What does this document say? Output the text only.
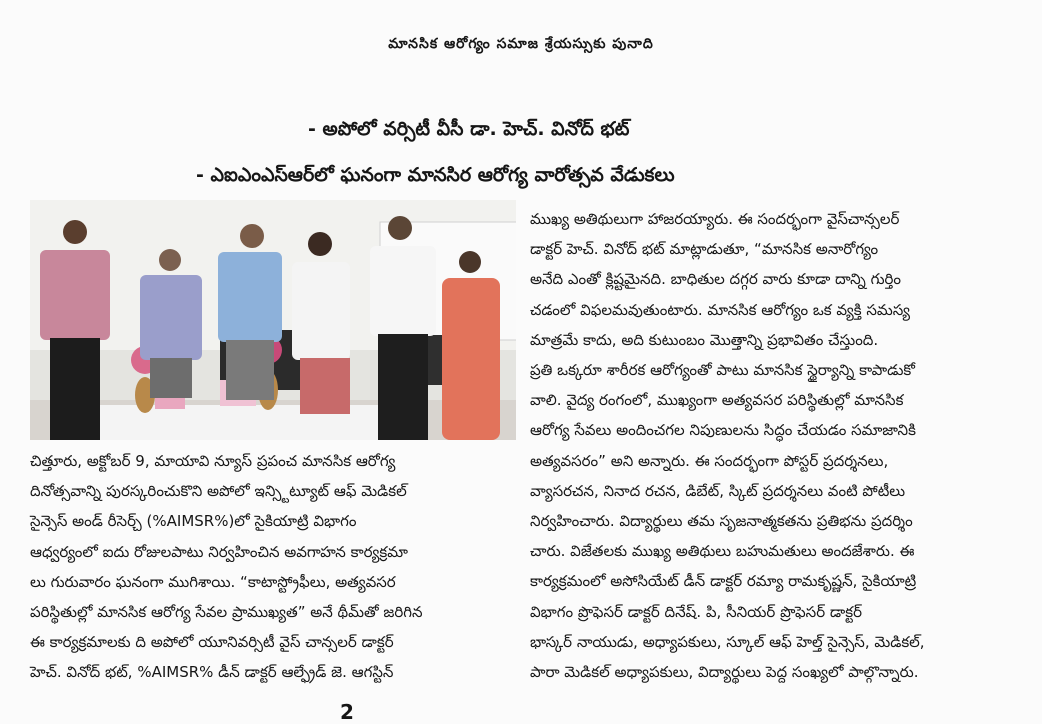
మానసిక ఆరోగ్యం సమాజ శ్రేయస్సుకు పునాది
- అపోలో వర్సిటీ వీసీ డా. హెచ్. వినోద్ భట్
- ఎఐఎంఎస్ఆర్‌లో ఘనంగా మానసిర ఆరోగ్య వారోత్సవ వేడుకలు

చిత్తూరు, అక్టోబర్ 9, మాయావి న్యూస్ ప్రపంచ మానసిక ఆరోగ్య

దినోత్సవాన్ని పురస్కరించుకొని అపోలో ఇన్స్టిట్యూట్ ఆఫ్ మెడికల్

సైన్సెస్ అండ్ రీసెర్చ్ (%AIMSR%)లో సైకియాట్రి విభాగం

ఆధ్వర్యంలో ఐదు రోజులపాటు నిర్వహించిన అవగాహన కార్యక్రమా

లు గురువారం ఘనంగా ముగిశాయి. “కాటాస్ట్రోఫీలు, అత్యవసర

పరిస్థితుల్లో మానసిక ఆరోగ్య సేవల ప్రాముఖ్యత” అనే థీమ్‌తో జరిగిన

ఈ కార్యక్రమాలకు ది అపోలో యూనివర్సిటీ వైస్ చాన్సలర్ డాక్టర్

హెచ్. వినోద్ భట్, %AIMSR% డీన్ డాక్టర్ ఆల్ఫ్రేడ్ జె. ఆగస్టిన్

ముఖ్య అతిథులుగా హాజరయ్యారు. ఈ సందర్భంగా వైస్‌చాన్సలర్

డాక్టర్ హెచ్. వినోద్ భట్ మాట్లాడుతూ, “మానసిక అనారోగ్యం

అనేది ఎంతో క్లిష్టమైనది. బాధితుల దగ్గర వారు కూడా దాన్ని గుర్తిం

చడంలో విఫలమవుతుంటారు. మానసిక ఆరోగ్యం ఒక వ్యక్తి సమస్య

మాత్రమే కాదు, అది కుటుంబం మొత్తాన్ని ప్రభావితం చేస్తుంది.

ప్రతి ఒక్కరూ శారీరక ఆరోగ్యంతో పాటు మానసిక స్థైర్యాన్ని కాపాడుకో

వాలి. వైద్య రంగంలో, ముఖ్యంగా అత్యవసర పరిస్థితుల్లో మానసిక

ఆరోగ్య సేవలు అందించగల నిపుణులను సిద్ధం చేయడం సమాజానికి

అత్యవసరం” అని అన్నారు. ఈ సందర్భంగా పోస్టర్ ప్రదర్శనలు,

వ్యాసరచన, నినాద రచన, డిబేట్, స్కిట్ ప్రదర్శనలు వంటి పోటీలు

నిర్వహించారు. విద్యార్థులు తమ సృజనాత్మకతను ప్రతిభను ప్రదర్శిం

చారు. విజేతలకు ముఖ్య అతిథులు బహుమతులు అందజేశారు. ఈ

కార్యక్రమంలో అసోసియేట్ డీన్ డాక్టర్ రమ్యా రామకృష్ణన్, సైకియాట్రి

విభాగం ప్రొఫెసర్ డాక్టర్ దినేష్. పి, సీనియర్ ప్రొఫెసర్ డాక్టర్

భాస్కర్ నాయుడు, అధ్యాపకులు, స్కూల్ ఆఫ్ హెల్త్ సైన్సెస్, మెడికల్,

పారా మెడికల్ అధ్యాపకులు, విద్యార్థులు పెద్ద సంఖ్యలో పాల్గొన్నారు.

2
